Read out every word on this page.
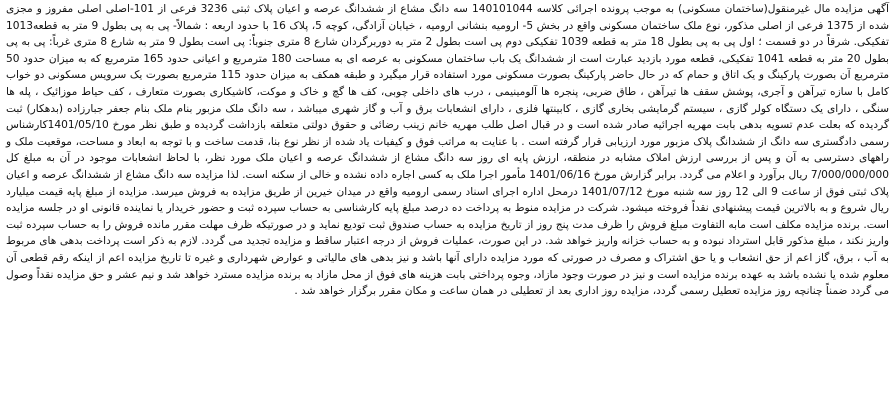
آگهی مزایده مال غیرمنقول(ساختمان مسکونی) به موجب پرونده اجرائی کلاسه 140101044 سه دانگ مشاع از ششدانگ عرصه و اعیان پلاک ثبتی 3236 فرعی از 101-اصلی اصلی مفروز و مجزی شده از 1375 فرعی از اصلی مذکور، نوع ملک ساختمان مسکونی واقع در بخش 5- ارومیه بنشانی ارومیه ، خیابان آزادگی، کوچه 5، پلاک 16 با حدود اربعه : شمالاً- پی به پی بطول 9 متر به قطعه1013 تفکیکی. شرقاً در دو قسمت ؛ اول پی به پی بطول 18 متر به قطعه 1039 تفکیکی دوم پی است بطول 2 متر به دوربرگردان شارع 8 متری جنوباً: پی است بطول 9 متر به شارع 8 متری غرباً: پی به پی بطول 20 متر به قطعه 1041 تفکیکی، قطعه مورد بازدید عبارت است از ششدانگ یک باب ساختمان مسکونی به عرصه ای به مساحت 180 مترمربع و اعیانی حدود 165 مترمربع که به میزان حدود 50 مترمربع آن بصورت پارکینگ و یک اتاق و حمام که در حال حاضر پارکینگ بصورت مسکونی مورد استفاده قرار میگیرد و طبقه همکف به میزان حدود 115 مترمربع بصورت یک سرویس مسکونی دو خواب کامل با سازه تیرآهن و آجری، پوشش سقف ها تیرآهن ، طاق ضربی، پنجره ها آلومینیمی ، درب های داخلی چوبی، کف ها گچ و خاک و موکت، کاشیکاری بصورت متعارف ، کف حیاط موزائیک ، پله ها سنگی ، دارای یک دستگاه کولر گازی ، سیستم گرمایشی بخاری گازی ، کابینتها فلزی ، دارای انشعابات برق و آب و گاز شهری میباشد ، سه دانگ ملک مزبور بنام ملک بنام جعفر جبارزاده (بدهکار) ثبت گردیده که بعلت عدم تسویه بدهی بابت مهریه اجرائیه صادر شده است و در قبال اصل طلب مهریه خانم زینب رضائی و حقوق دولتی متعلقه بازداشت گردیده و طبق نظر مورخ 1401/05/10کارشناس رسمی دادگستری سه دانگ از ششدانگ پلاک مزبور مورد ارزیابی قرار گرفته است . با عنایت به مراتب فوق و کیفیات یاد شده از نظر نوع بنا، قدمت ساخت و با توجه به ابعاد و مساحت، موقعیت ملک و راههای دسترسی به آن و پس از بررسی ارزش املاک مشابه در منطقه، ارزش پایه ای روز سه دانگ مشاع از ششدانگ عرصه و اعیان ملک مورد نظر، با لحاظ انشعابات موجود در آن به مبلغ کل 7/000/000/000 ریال برآورد و اعلام می گردد. برابر گزارش مورخ 1401/06/16 مأمور اجرا ملک به کسی اجاره داده نشده و خالی از سکنه است. لذا مزایده سه دانگ مشاع از ششدانگ عرصه و اعیان پلاک ثبتی فوق از ساعت 9 الی 12 روز سه شنبه مورخ 1401/07/12 درمحل اداره اجرای اسناد رسمی ارومیه واقع در میدان خیرین از طریق مزایده به فروش میرسد. مزایده از مبلغ پایه قیمت میلیارد ریال شروع و به بالاترین قیمت پیشنهادی نقداً فروخته میشود. شرکت در مزایده منوط به پرداخت ده درصد مبلغ پایه کارشناسی به حساب سپرده ثبت و حضور خریدار یا نماینده قانونی او در جلسه مزایده است. برنده مزایده مکلف است مابه التفاوت مبلغ فروش را ظرف مدت پنج روز از تاریخ مزایده به حساب صندوق ثبت تودیع نماید و در صورتیکه ظرف مهلت مقرر مانده فروش را به حساب سپرده ثبت واریز نکند ، مبلغ مذکور قابل استرداد نبوده و به حساب خزانه واریز خواهد شد. در این صورت، عملیات فروش از درجه اعتبار ساقط و مزایده تجدید می گردد. لازم به ذکر است پرداخت بدهی های مربوط به آب ، برق، گاز اعم از حق انشعاب و یا حق اشتراک و مصرف در صورتی که مورد مزایده دارای آنها باشد و نیز بدهی های مالیاتی و عوارض شهرداری و غیره تا تاریخ مزایده اعم از اینکه رقم قطعی آن معلوم شده یا نشده باشد به عهده برنده مزایده است و نیز در صورت وجود مازاد، وجوه پرداختی بابت هزینه های فوق از محل مازاد به برنده مزایده مسترد خواهد شد و نیم عشر و حق مزایده نقداً وصول می گردد ضمناً چنانچه روز مزایده تعطیل رسمی گردد، مزایده روز اداری بعد از تعطیلی در همان ساعت و مکان مقرر برگزار خواهد شد .
